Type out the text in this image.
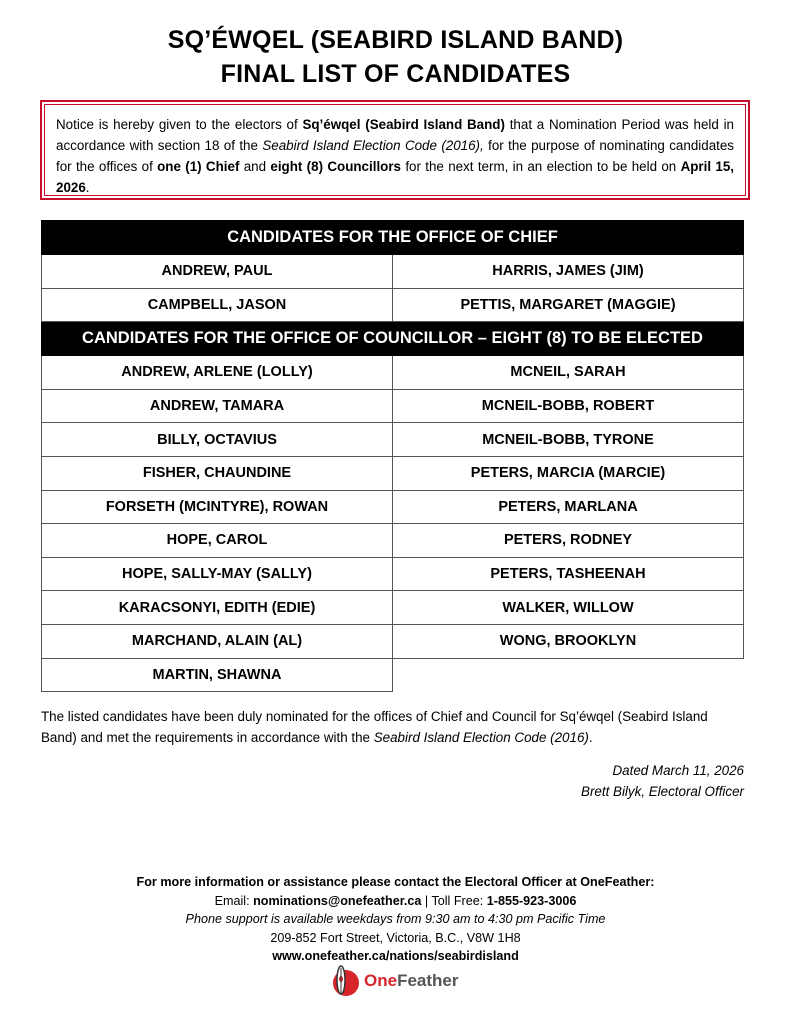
SQ’ÉWQEL (SEABIRD ISLAND BAND)
FINAL LIST OF CANDIDATES
Notice is hereby given to the electors of Sq’éwqel (Seabird Island Band) that a Nomination Period was held in accordance with section 18 of the Seabird Island Election Code (2016), for the purpose of nominating candidates for the offices of one (1) Chief and eight (8) Councillors for the next term, in an election to be held on April 15, 2026.
CANDIDATES FOR THE OFFICE OF CHIEF	
ANDREW, PAUL	HARRIS, JAMES (JIM)
CAMPBELL, JASON	PETTIS, MARGARET (MAGGIE)
CANDIDATES FOR THE OFFICE OF COUNCILLOR – EIGHT (8) TO BE ELECTED	
ANDREW, ARLENE (LOLLY)	MCNEIL, SARAH
ANDREW, TAMARA	MCNEIL-BOBB, ROBERT
BILLY, OCTAVIUS	MCNEIL-BOBB, TYRONE
FISHER, CHAUNDINE	PETERS, MARCIA (MARCIE)
FORSETH (MCINTYRE), ROWAN	PETERS, MARLANA
HOPE, CAROL	PETERS, RODNEY
HOPE, SALLY-MAY (SALLY)	PETERS, TASHEENAH
KARACSONYI, EDITH (EDIE)	WALKER, WILLOW
MARCHAND, ALAIN (AL)	WONG, BROOKLYN
MARTIN, SHAWNA	
The listed candidates have been duly nominated for the offices of Chief and Council for Sq’éwqel (Seabird Island Band) and met the requirements in accordance with the Seabird Island Election Code (2016).
Dated March 11, 2026
Brett Bilyk, Electoral Officer
For more information or assistance please contact the Electoral Officer at OneFeather:
Email: nominations@onefeather.ca | Toll Free: 1-855-923-3006
Phone support is available weekdays from 9:30 am to 4:30 pm Pacific Time
209-852 Fort Street, Victoria, B.C., V8W 1H8
www.onefeather.ca/nations/seabirdisland
OneFeather
